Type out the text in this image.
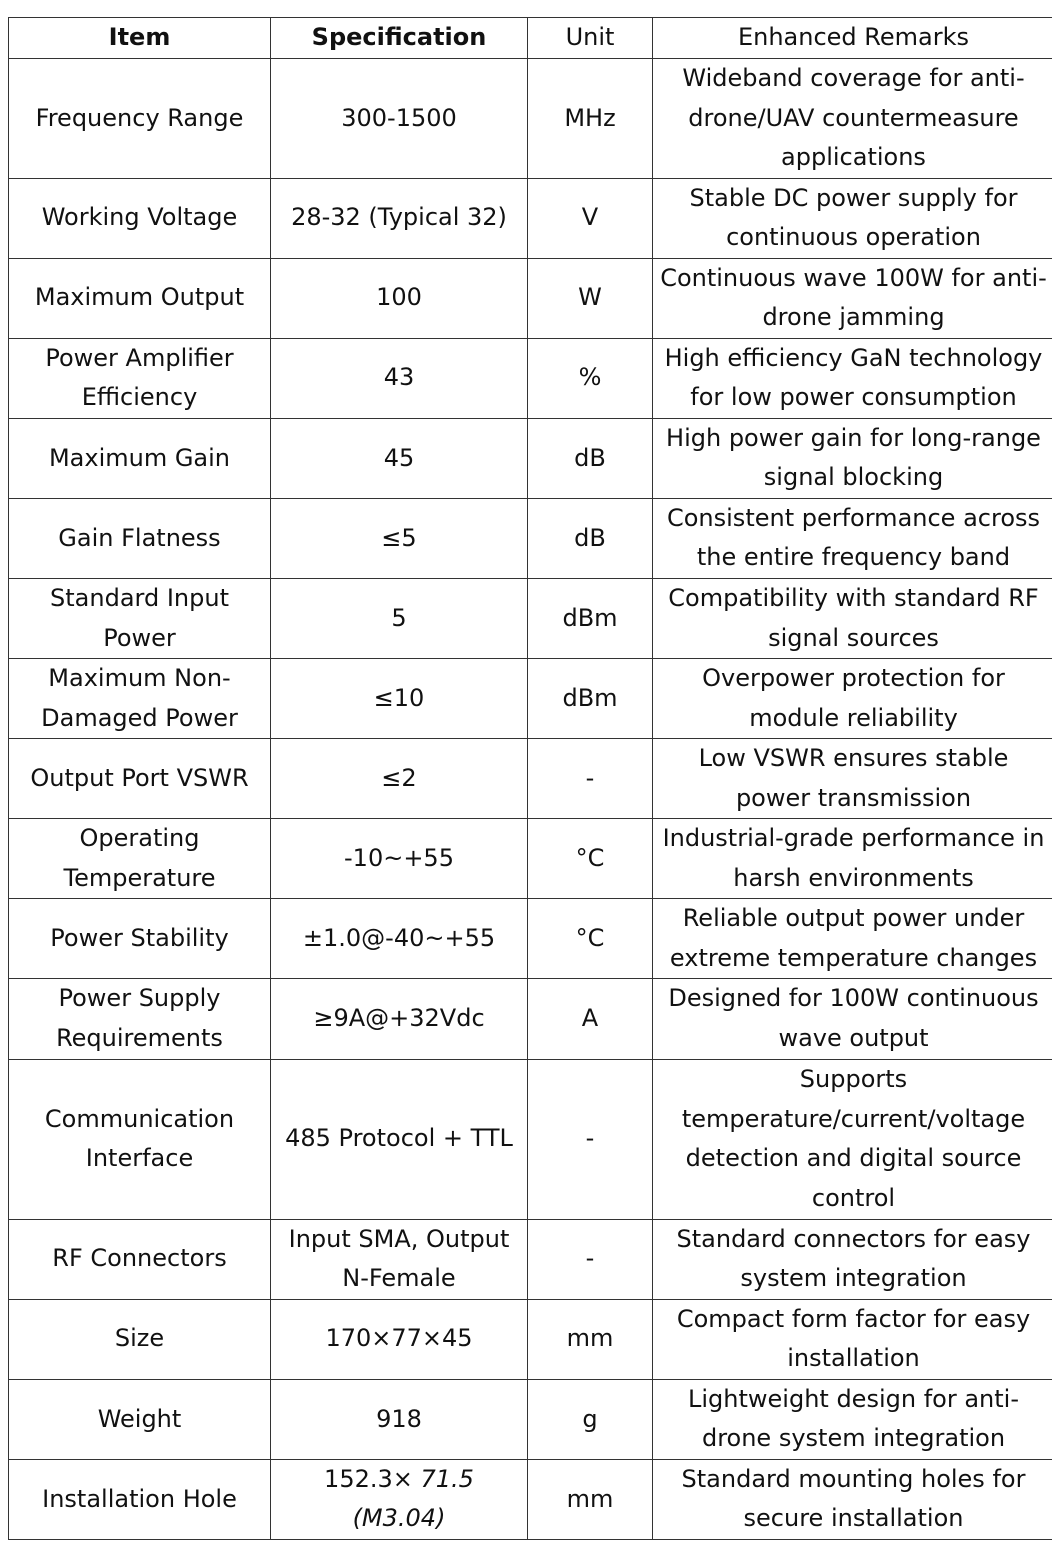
Item	Specification	Unit	Enhanced Remarks
Frequency Range	300-1500	MHz	Wideband coverage for anti-drone/UAV countermeasure applications
Working Voltage	28-32 (Typical 32)	V	Stable DC power supply for continuous operation
Maximum Output	100	W	Continuous wave 100W for anti-drone jamming
Power Amplifier Efficiency	43	%	High efficiency GaN technology for low power consumption
Maximum Gain	45	dB	High power gain for long-range signal blocking
Gain Flatness	≤5	dB	Consistent performance across the entire frequency band
Standard Input Power	5	dBm	Compatibility with standard RF signal sources
Maximum Non-Damaged Power	≤10	dBm	Overpower protection for module reliability
Output Port VSWR	≤2	-	Low VSWR ensures stable power transmission
Operating Temperature	-10~+55	°C	Industrial-grade performance in harsh environments
Power Stability	±1.0@-40~+55	°C	Reliable output power under extreme temperature changes
Power Supply Requirements	≥9A@+32Vdc	A	Designed for 100W continuous wave output
Communication Interface	485 Protocol + TTL	-	Supports temperature/current/voltage detection and digital source control
RF Connectors	Input SMA, Output N-Female	-	Standard connectors for easy system integration
Size	170×77×45	mm	Compact form factor for easy installation
Weight	918	g	Lightweight design for anti-drone system integration
Installation Hole	152.3× 71.5 (M3.04)	mm	Standard mounting holes for secure installation
